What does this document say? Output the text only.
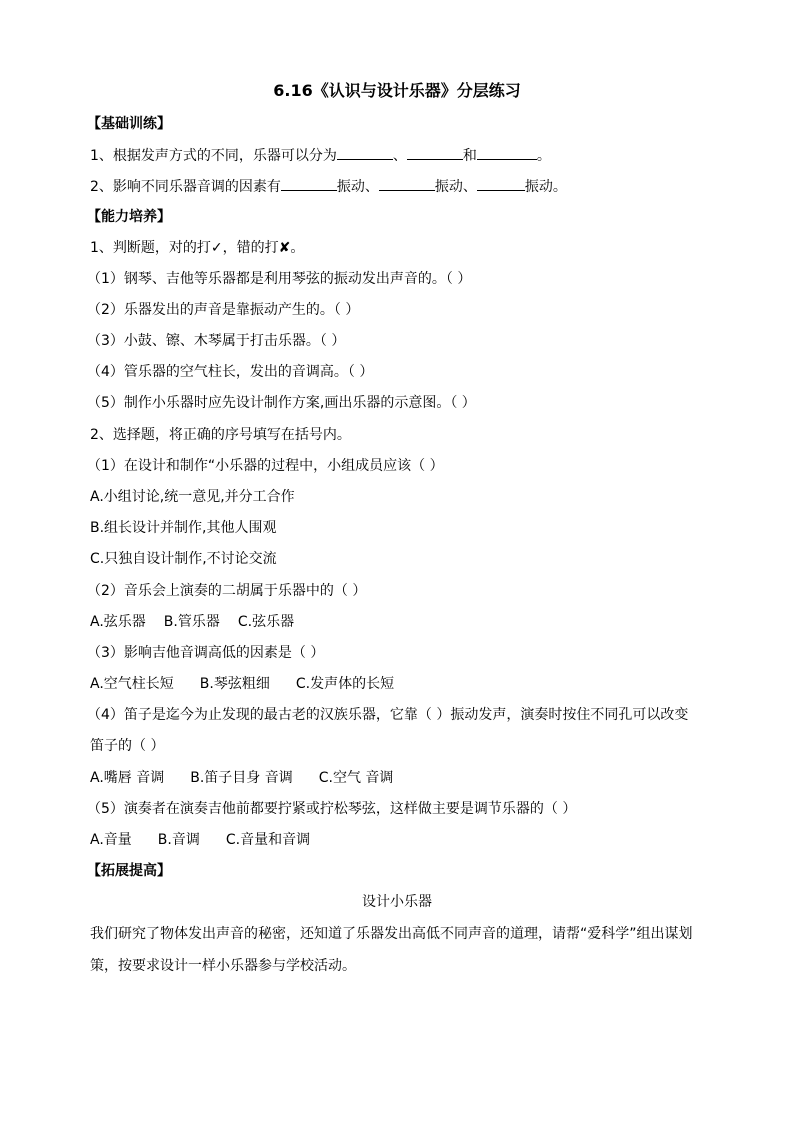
6.16《认识与设计乐器》分层练习
【基础训练】
1、根据发声方式的不同，乐器可以分为	、	和	。
2、影响不同乐器音调的因素有	振动、	振动、	振动。
【能力培养】
1、判断题，对的打✓，错的打✘。
（1）钢琴、吉他等乐器都是利用琴弦的振动发出声音的。（ ）
（2）乐器发出的声音是靠振动产生的。（ ）
（3）小鼓、镲、木琴属于打击乐器。（ ）
（4）管乐器的空气柱长，发出的音调高。（ ）
（5）制作小乐器时应先设计制作方案,画出乐器的示意图。（ ）
2、选择题，将正确的序号填写在括号内。
（1）在设计和制作“小乐器的过程中，小组成员应该（ ）
A.小组讨论,统一意见,并分工合作
B.组长设计并制作,其他人围观
C.只独自设计制作,不讨论交流
（2）音乐会上演奏的二胡属于乐器中的（ ）
A.弦乐器 B.管乐器 C.弦乐器
（3）影响吉他音调高低的因素是（ ）
A.空气柱长短 B.琴弦粗细 C.发声体的长短
（4）笛子是迄今为止发现的最古老的汉族乐器，它靠（ ）振动发声，演奏时按住不同孔可以改变
笛子的（ ）
A.嘴唇 音调 B.笛子目身 音调 C.空气 音调
（5）演奏者在演奏吉他前都要拧紧或拧松琴弦，这样做主要是调节乐器的（ ）
A.音量 B.音调 C.音量和音调
【拓展提高】
设计小乐器
我们研究了物体发出声音的秘密，还知道了乐器发出高低不同声音的道理，请帮“爱科学”组出谋划
策，按要求设计一样小乐器参与学校活动。
